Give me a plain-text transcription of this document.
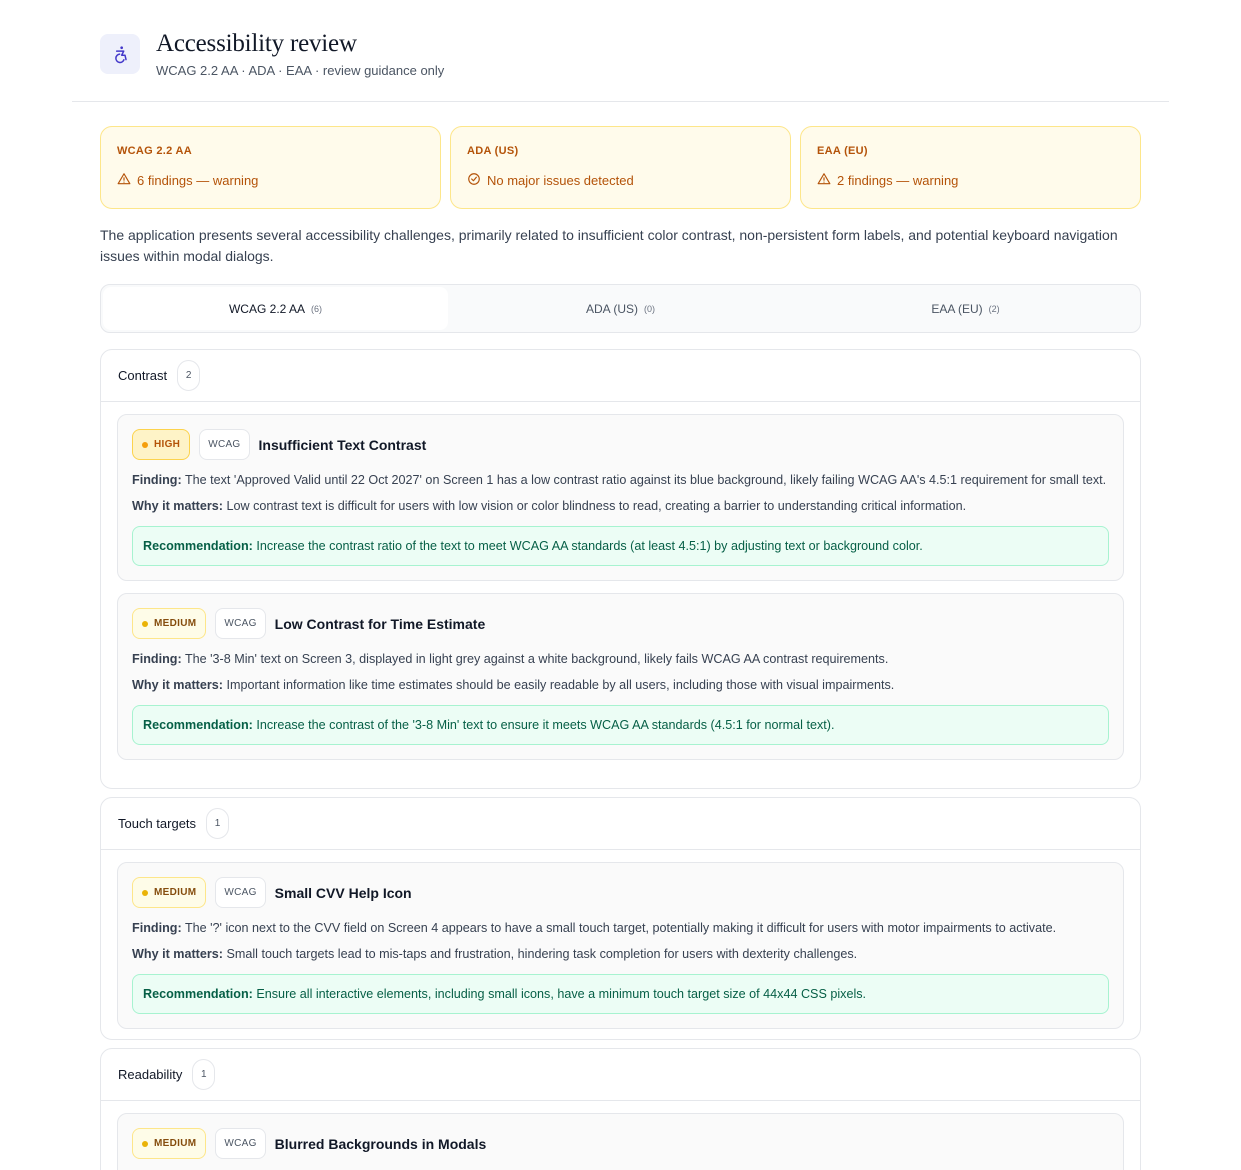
Accessibility review
WCAG 2.2 AA · ADA · EAA · review guidance only
WCAG 2.2 AA
6 findings — warning
ADA (US)
No major issues detected
EAA (EU)
2 findings — warning
The application presents several accessibility challenges, primarily related to insufficient color contrast, non-persistent form labels, and potential keyboard navigation issues within modal dialogs.
WCAG 2.2 AA (6)	ADA (US) (0)	EAA (EU) (2)
Contrast	2
HIGH	WCAG	Insufficient Text Contrast
Finding: The text 'Approved Valid until 22 Oct 2027' on Screen 1 has a low contrast ratio against its blue background, likely failing WCAG AA's 4.5:1 requirement for small text.
Why it matters: Low contrast text is difficult for users with low vision or color blindness to read, creating a barrier to understanding critical information.
Recommendation: Increase the contrast ratio of the text to meet WCAG AA standards (at least 4.5:1) by adjusting text or background color.
MEDIUM	WCAG	Low Contrast for Time Estimate
Finding: The '3-8 Min' text on Screen 3, displayed in light grey against a white background, likely fails WCAG AA contrast requirements.
Why it matters: Important information like time estimates should be easily readable by all users, including those with visual impairments.
Recommendation: Increase the contrast of the '3-8 Min' text to ensure it meets WCAG AA standards (4.5:1 for normal text).
Touch targets	1
MEDIUM	WCAG	Small CVV Help Icon
Finding: The '?' icon next to the CVV field on Screen 4 appears to have a small touch target, potentially making it difficult for users with motor impairments to activate.
Why it matters: Small touch targets lead to mis-taps and frustration, hindering task completion for users with dexterity challenges.
Recommendation: Ensure all interactive elements, including small icons, have a minimum touch target size of 44x44 CSS pixels.
Readability	1
MEDIUM	WCAG	Blurred Backgrounds in Modals
